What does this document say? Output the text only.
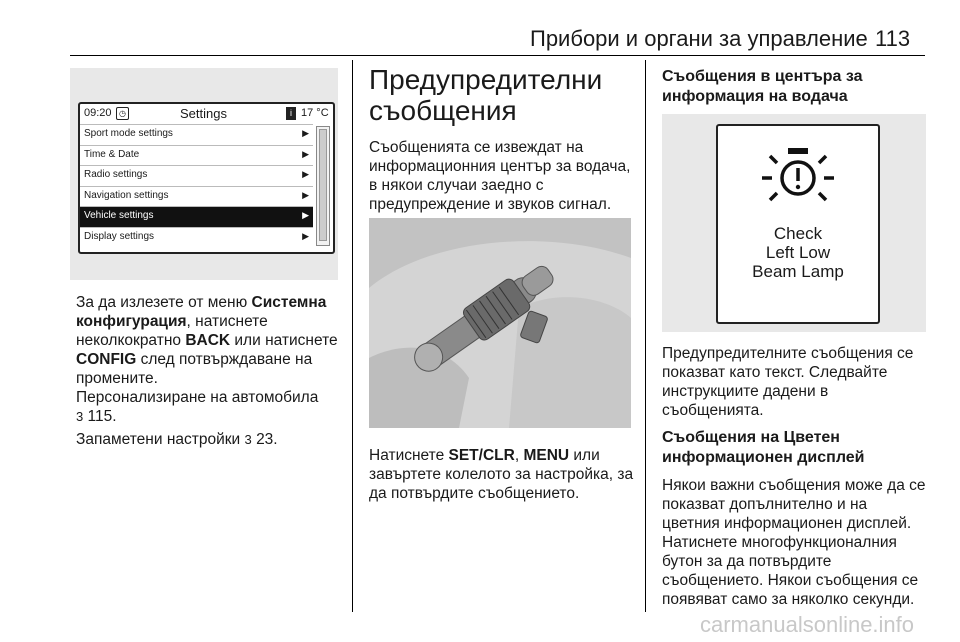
Прибори и органи за управление 113
09:20 ◷	Settings	i 17 °C
Sport mode settings	▶
Time & Date	▶
Radio settings	▶
Navigation settings	▶
Vehicle settings	▶
Display settings	▶
За да излезете от меню Системна конфигурация, натиснете неколкократно BACK или натиснете CONFIG след потвърждаване на промените.
Персонализиране на автомобила
3 115.
Запаметени настройки 3 23.
Предупредителни
съобщения
Съобщенията се извеждат на информационния център за водача, в някои случаи заедно с предупреждение и звуков сигнал.
Натиснете SET/CLR, MENU или завъртете колелото за настройка, за да потвърдите съобщението.
Съобщения в центъра за информация на водача
Check
Left Low
Beam Lamp
Предупредителните съобщения се показват като текст. Следвайте инструкциите дадени в съобщенията.
Съобщения на Цветен информационен дисплей
Някои важни съобщения може да се показват допълнително и на цветния информационен дисплей. Натиснете многофункционалния бутон за да потвърдите съобщението. Някои съобщения се появяват само за няколко секунди.
carmanualsonline.info
